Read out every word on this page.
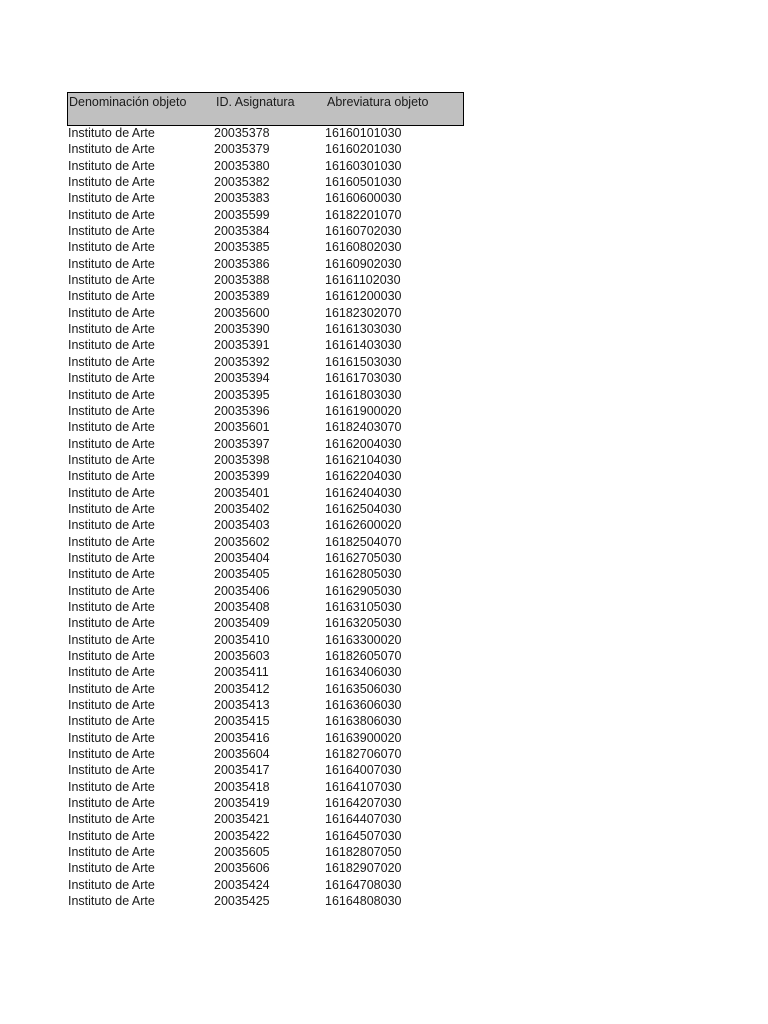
Denominación objeto	ID. Asignatura	Abreviatura objeto
Instituto de Arte	20035378	16160101030
Instituto de Arte	20035379	16160201030
Instituto de Arte	20035380	16160301030
Instituto de Arte	20035382	16160501030
Instituto de Arte	20035383	16160600030
Instituto de Arte	20035599	16182201070
Instituto de Arte	20035384	16160702030
Instituto de Arte	20035385	16160802030
Instituto de Arte	20035386	16160902030
Instituto de Arte	20035388	16161102030
Instituto de Arte	20035389	16161200030
Instituto de Arte	20035600	16182302070
Instituto de Arte	20035390	16161303030
Instituto de Arte	20035391	16161403030
Instituto de Arte	20035392	16161503030
Instituto de Arte	20035394	16161703030
Instituto de Arte	20035395	16161803030
Instituto de Arte	20035396	16161900020
Instituto de Arte	20035601	16182403070
Instituto de Arte	20035397	16162004030
Instituto de Arte	20035398	16162104030
Instituto de Arte	20035399	16162204030
Instituto de Arte	20035401	16162404030
Instituto de Arte	20035402	16162504030
Instituto de Arte	20035403	16162600020
Instituto de Arte	20035602	16182504070
Instituto de Arte	20035404	16162705030
Instituto de Arte	20035405	16162805030
Instituto de Arte	20035406	16162905030
Instituto de Arte	20035408	16163105030
Instituto de Arte	20035409	16163205030
Instituto de Arte	20035410	16163300020
Instituto de Arte	20035603	16182605070
Instituto de Arte	20035411	16163406030
Instituto de Arte	20035412	16163506030
Instituto de Arte	20035413	16163606030
Instituto de Arte	20035415	16163806030
Instituto de Arte	20035416	16163900020
Instituto de Arte	20035604	16182706070
Instituto de Arte	20035417	16164007030
Instituto de Arte	20035418	16164107030
Instituto de Arte	20035419	16164207030
Instituto de Arte	20035421	16164407030
Instituto de Arte	20035422	16164507030
Instituto de Arte	20035605	16182807050
Instituto de Arte	20035606	16182907020
Instituto de Arte	20035424	16164708030
Instituto de Arte	20035425	16164808030
